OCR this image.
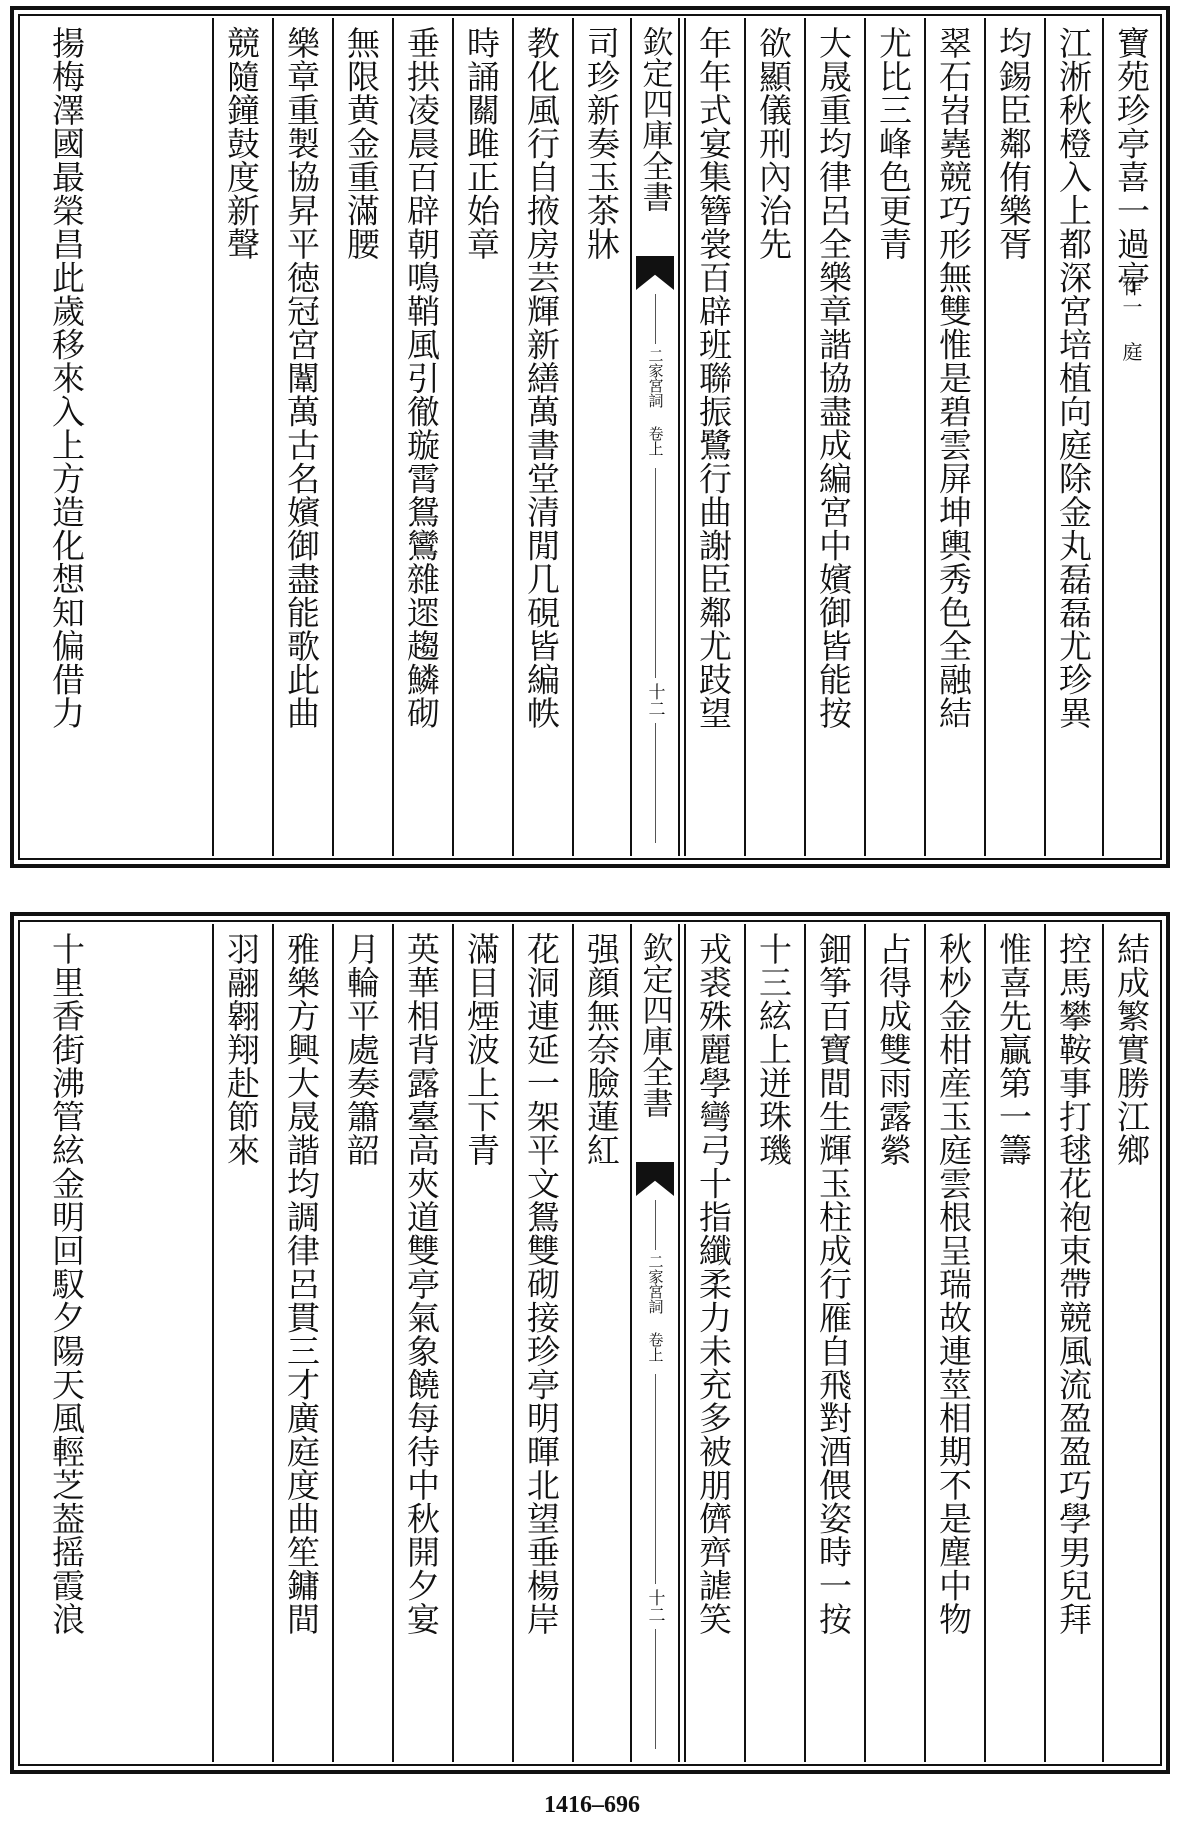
寶苑珍亭喜一過亭
作一 庭
江淅秋橙入上都深宮培植向庭除金丸磊磊尤珍異
均錫臣鄰侑樂胥
翠石岧嶤競巧形無雙惟是碧雲屏坤輿秀色全融結
尤比三峰色更青
大晟重均律呂全樂章諧協盡成編宮中嬪御皆能按
欲顯儀刑內治先
年年式宴集簪裳百辟班聯振鷺行曲謝臣鄰尤跂望
欽定四庫全書
二家宮詞 卷上
十二
司珍新奏玉茶牀
教化風行自掖房芸輝新繕萬書堂清閒几硯皆編帙
時誦關雎正始章
垂拱凌晨百辟朝鳴鞘風引徹璇霄鴛鸞雜遝趨鱗砌
無限黄金重滿腰
樂章重製協昇平徳冠宮闈萬古名嬪御盡能歌此曲
競隨鐘鼓度新聲
揚梅澤國最榮昌此歲移來入上方造化想知偏借力
結成繁實勝江鄉
控馬攀鞍事打毬花袍束帶競風流盈盈巧學男兒拜
惟喜先贏第一籌
秋杪金柑産玉庭雲根呈瑞故連莖相期不是塵中物
占得成雙雨露縈
鈿筝百寶間生輝玉柱成行雁自飛對酒偎姿時一按
十三絃上迸珠璣
戎裘殊麗學彎弓十指纖柔力未充多被朋儕齊謔笑
欽定四庫全書
二家宮詞 卷上
十二
强顔無奈臉蓮紅
花洞連延一架平文鴛雙砌接珍亭明暉北望垂楊岸
滿目煙波上下青
英華相背露臺高夾道雙亭氣象饒每待中秋開夕宴
月輪平處奏簫韶
雅樂方興大晟諧均調律呂貫三才廣庭度曲笙鏞間
羽翮翱翔赴節來
十里香街沸管絃金明回馭夕陽天風輕芝葢摇霞浪
1416–696
